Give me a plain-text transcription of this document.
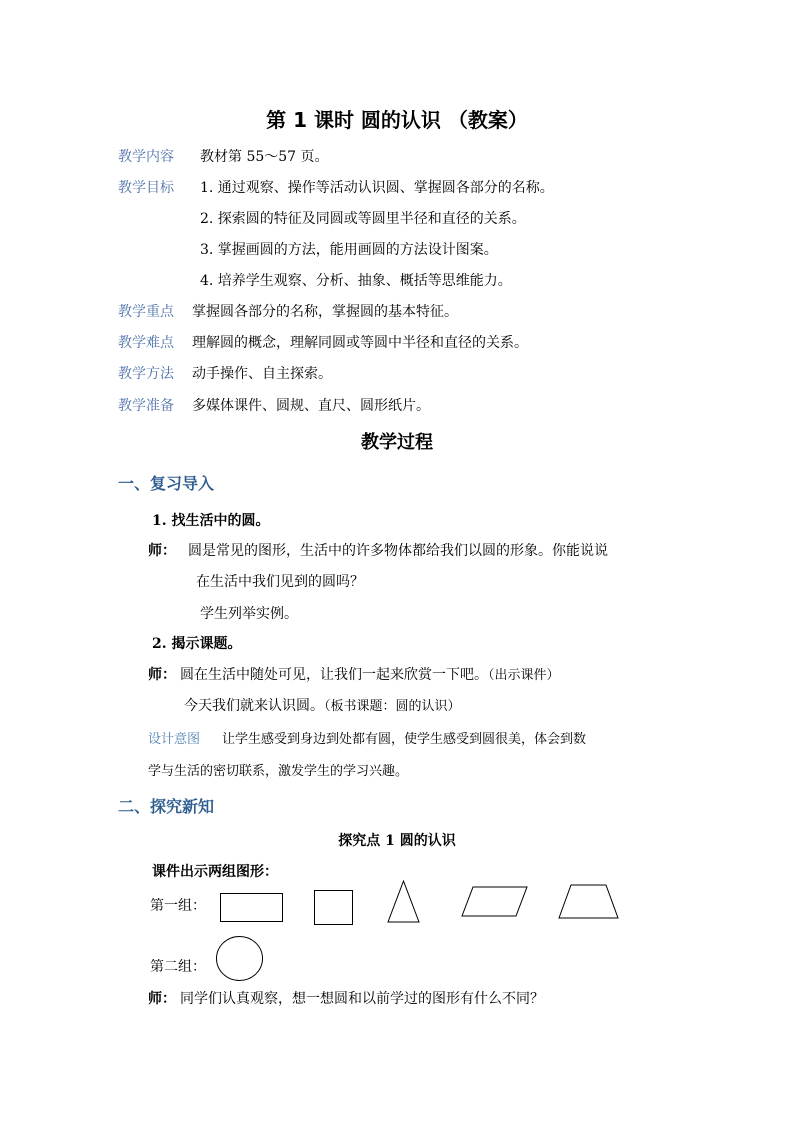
第 1 课时 圆的认识 （教案）
教学内容 教材第 55～57 页。
教学目标 1. 通过观察、操作等活动认识圆、掌握圆各部分的名称。
2. 探索圆的特征及同圆或等圆里半径和直径的关系。
3. 掌握画圆的方法，能用画圆的方法设计图案。
4. 培养学生观察、分析、抽象、概括等思维能力。
教学重点 掌握圆各部分的名称，掌握圆的基本特征。
教学难点 理解圆的概念，理解同圆或等圆中半径和直径的关系。
教学方法 动手操作、自主探索。
教学准备 多媒体课件、圆规、直尺、圆形纸片。
教学过程
一、复习导入
1. 找生活中的圆。
师： 圆是常见的图形，生活中的许多物体都给我们以圆的形象。你能说说
在生活中我们见到的圆吗？
学生列举实例。
2. 揭示课题。
师： 圆在生活中随处可见，让我们一起来欣赏一下吧。（出示课件）
今天我们就来认识圆。（板书课题：圆的认识）
设计意图 让学生感受到身边到处都有圆，使学生感受到圆很美，体会到数
学与生活的密切联系，激发学生的学习兴趣。
二、探究新知
探究点 1 圆的认识
课件出示两组图形：
第一组：
第二组：
师： 同学们认真观察，想一想圆和以前学过的图形有什么不同？
